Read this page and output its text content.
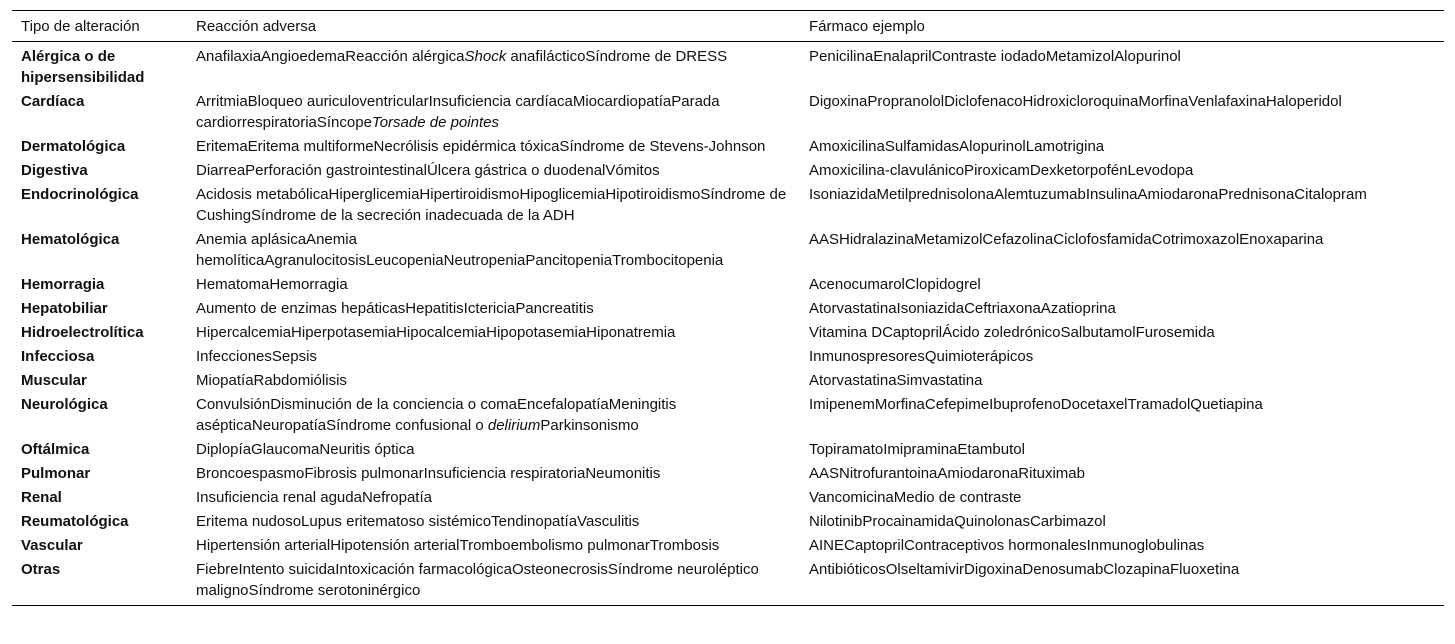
Tipo de alteración	Reacción adversa	Fármaco ejemplo
Alérgica o de hipersensibilidad	AnafilaxiaAngioedemaReacción alérgicaShock anafilácticoSíndrome de DRESS	PenicilinaEnalaprilContraste iodadoMetamizolAlopurinol
Cardíaca	ArritmiaBloqueo auriculoventricularInsuficiencia cardíacaMiocardiopatíaParada cardiorrespiratoriaSíncopeTorsade de pointes	DigoxinaPropranololDiclofenacoHidroxicloroquinaMorfinaVenlafaxinaHaloperidol
Dermatológica	EritemaEritema multiformeNecrólisis epidérmica tóxicaSíndrome de Stevens-Johnson	AmoxicilinaSulfamidasAlopurinolLamotrigina
Digestiva	DiarreaPerforación gastrointestinalÚlcera gástrica o duodenalVómitos	Amoxicilina-clavulánicoPiroxicamDexketorpofénLevodopa
Endocrinológica	Acidosis metabólicaHiperglicemiaHipertiroidismoHipoglicemiaHipotiroidismoSíndrome de CushingSíndrome de la secreción inadecuada de la ADH	IsoniazidaMetilprednisolonaAlemtuzumabInsulinaAmiodaronaPrednisonaCitalopram
Hematológica	Anemia aplásicaAnemia hemolíticaAgranulocitosisLeucopeniaNeutropeniaPancitopeniaTrombocitopenia	AASHidralazinaMetamizolCefazolinaCiclofosfamidaCotrimoxazolEnoxaparina
Hemorragia	HematomaHemorragia	AcenocumarolClopidogrel
Hepatobiliar	Aumento de enzimas hepáticasHepatitisIctericiaPancreatitis	AtorvastatinaIsoniazidaCeftriaxonaAzatioprina
Hidroelectrolítica	HipercalcemiaHiperpotasemiaHipocalcemiaHipopotasemiaHiponatremia	Vitamina DCaptoprilÁcido zoledrónicoSalbutamolFurosemida
Infecciosa	InfeccionesSepsis	InmunospresoresQuimioterápicos
Muscular	MiopatíaRabdomiólisis	AtorvastatinaSimvastatina
Neurológica	ConvulsiónDisminución de la conciencia o comaEncefalopatíaMeningitis asépticaNeuropatíaSíndrome confusional o deliriumParkinsonismo	ImipenemMorfinaCefepimeIbuprofenoDocetaxelTramadolQuetiapina
Oftálmica	DiplopíaGlaucomaNeuritis óptica	TopiramatoImipraminaEtambutol
Pulmonar	BroncoespasmoFibrosis pulmonarInsuficiencia respiratoriaNeumonitis	AASNitrofurantoinaAmiodaronaRituximab
Renal	Insuficiencia renal agudaNefropatía	VancomicinaMedio de contraste
Reumatológica	Eritema nudosoLupus eritematoso sistémicoTendinopatíaVasculitis	NilotinibProcainamidaQuinolonasCarbimazol
Vascular	Hipertensión arterialHipotensión arterialTromboembolismo pulmonarTrombosis	AINECaptoprilContraceptivos hormonalesInmunoglobulinas
Otras	FiebreIntento suicidaIntoxicación farmacológicaOsteonecrosisSíndrome neuroléptico malignoSíndrome serotoninérgico	AntibióticosOlseltamivirDigoxinaDenosumabClozapinaFluoxetina
